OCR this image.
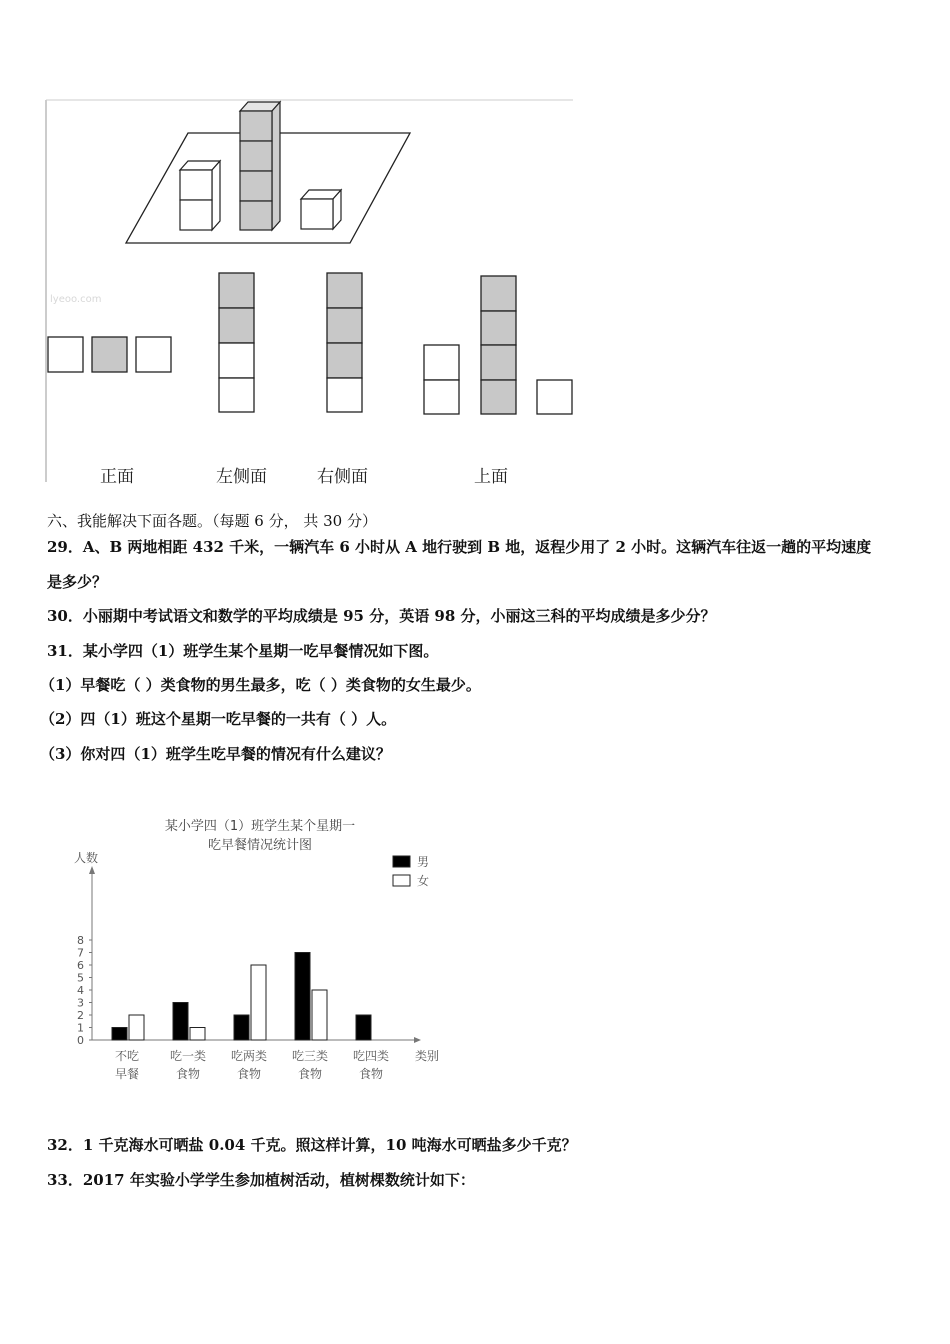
lyeoo.com
正面	左侧面	右侧面	上面
六、我能解决下面各题。（每题 6 分， 共 30 分）
29．A、B 两地相距 432 千米，一辆汽车 6 小时从 A 地行驶到 B 地，返程少用了 2 小时。这辆汽车往返一趟的平均速度
是多少？
30．小丽期中考试语文和数学的平均成绩是 95 分，英语 98 分，小丽这三科的平均成绩是多少分？
31．某小学四（1）班学生某个星期一吃早餐情况如下图。
（1）早餐吃（ ）类食物的男生最多，吃（ ）类食物的女生最少。
（2）四（1）班这个星期一吃早餐的一共有（ ）人。
（3）你对四（1）班学生吃早餐的情况有什么建议？
某小学四（1）班学生某个星期一
吃早餐情况统计图
人数
类别
男
女
0
1
2
3
4
5
6
7
8
不吃
早餐
吃一类
食物
吃两类
食物
吃三类
食物
吃四类
食物
32．1 千克海水可晒盐 0.04 千克。照这样计算，10 吨海水可晒盐多少千克？
33．2017 年实验小学学生参加植树活动，植树棵数统计如下：
